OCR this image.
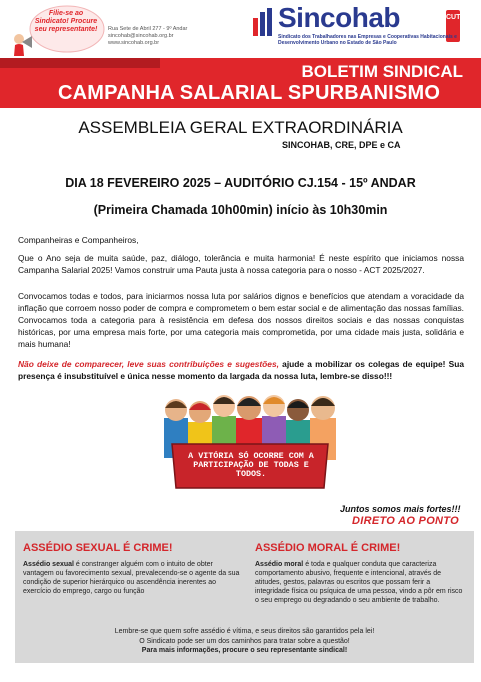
Filie-se ao Sindicato! Procure seu representante! Rua Sete de Abril 277 - 9º Andar
sincohab@sincohab.org.br
www.sincohab.org.br
Sincohab	CUT
Sindicato dos Trabalhadores nas Empresas e Cooperativas Habitacionais e Desenvolvimento Urbano no Estado de São Paulo
BOLETIM SINDICAL
CAMPANHA SALARIAL SPURBANISMO 2025
ASSEMBLEIA GERAL EXTRAORDINÁRIA
SINCOHAB, CRE, DPE e CA
DIA 18 FEVEREIRO 2025 – AUDITÓRIO CJ.154 - 15º ANDAR
(Primeira Chamada 10h00min) início às 10h30min
Companheiras e Companheiros,
Que o Ano seja de muita saúde, paz, diálogo, tolerância e muita harmonia! É neste espírito que iniciamos nossa Campanha Salarial 2025! Vamos construir uma Pauta justa à nossa categoria para o nosso - ACT 2025/2027.
Convocamos todas e todos, para iniciarmos nossa luta por salários dignos e benefícios que atendam a voracidade da inflação que corroem nosso poder de compra e comprometem o bem estar social e de alimentação das nossas famílias. Convocamos toda a categoria para à resistência em defesa dos nossos direitos sociais e das nossas conquistas históricas, por uma empresa mais forte, por uma categoria mais comprometida, por uma cidade mais justa, solidária e mais humana!
Não deixe de comparecer, leve suas contribuições e sugestões, ajude a mobilizar os colegas de equipe! Sua presença é insubstituível e única nesse momento da largada da nossa luta, lembre-se disso!!!
A VITÓRIA SÓ OCORRE COM A PARTICIPAÇÃO DE TODAS E TODOS.
Juntos somos mais fortes!!!
DIRETO AO PONTO
ASSÉDIO SEXUAL É CRIME!	ASSÉDIO MORAL É CRIME!
Assédio sexual é constranger alguém com o intuito de obter vantagem ou favorecimento sexual, prevalecendo-se o agente da sua condição de superior hierárquico ou ascendência inerentes ao exercício do emprego, cargo ou função
Assédio moral é toda e qualquer conduta que caracteriza comportamento abusivo, frequente e intencional, através de atitudes, gestos, palavras ou escritos que possam ferir a integridade física ou psíquica de uma pessoa, vindo a pôr em risco o seu emprego ou degradando o seu ambiente de trabalho.
Lembre-se que quem sofre assédio é vítima, e seus direitos são garantidos pela lei!
O Sindicato pode ser um dos caminhos para tratar sobre a questão!
Para mais informações, procure o seu representante sindical!
